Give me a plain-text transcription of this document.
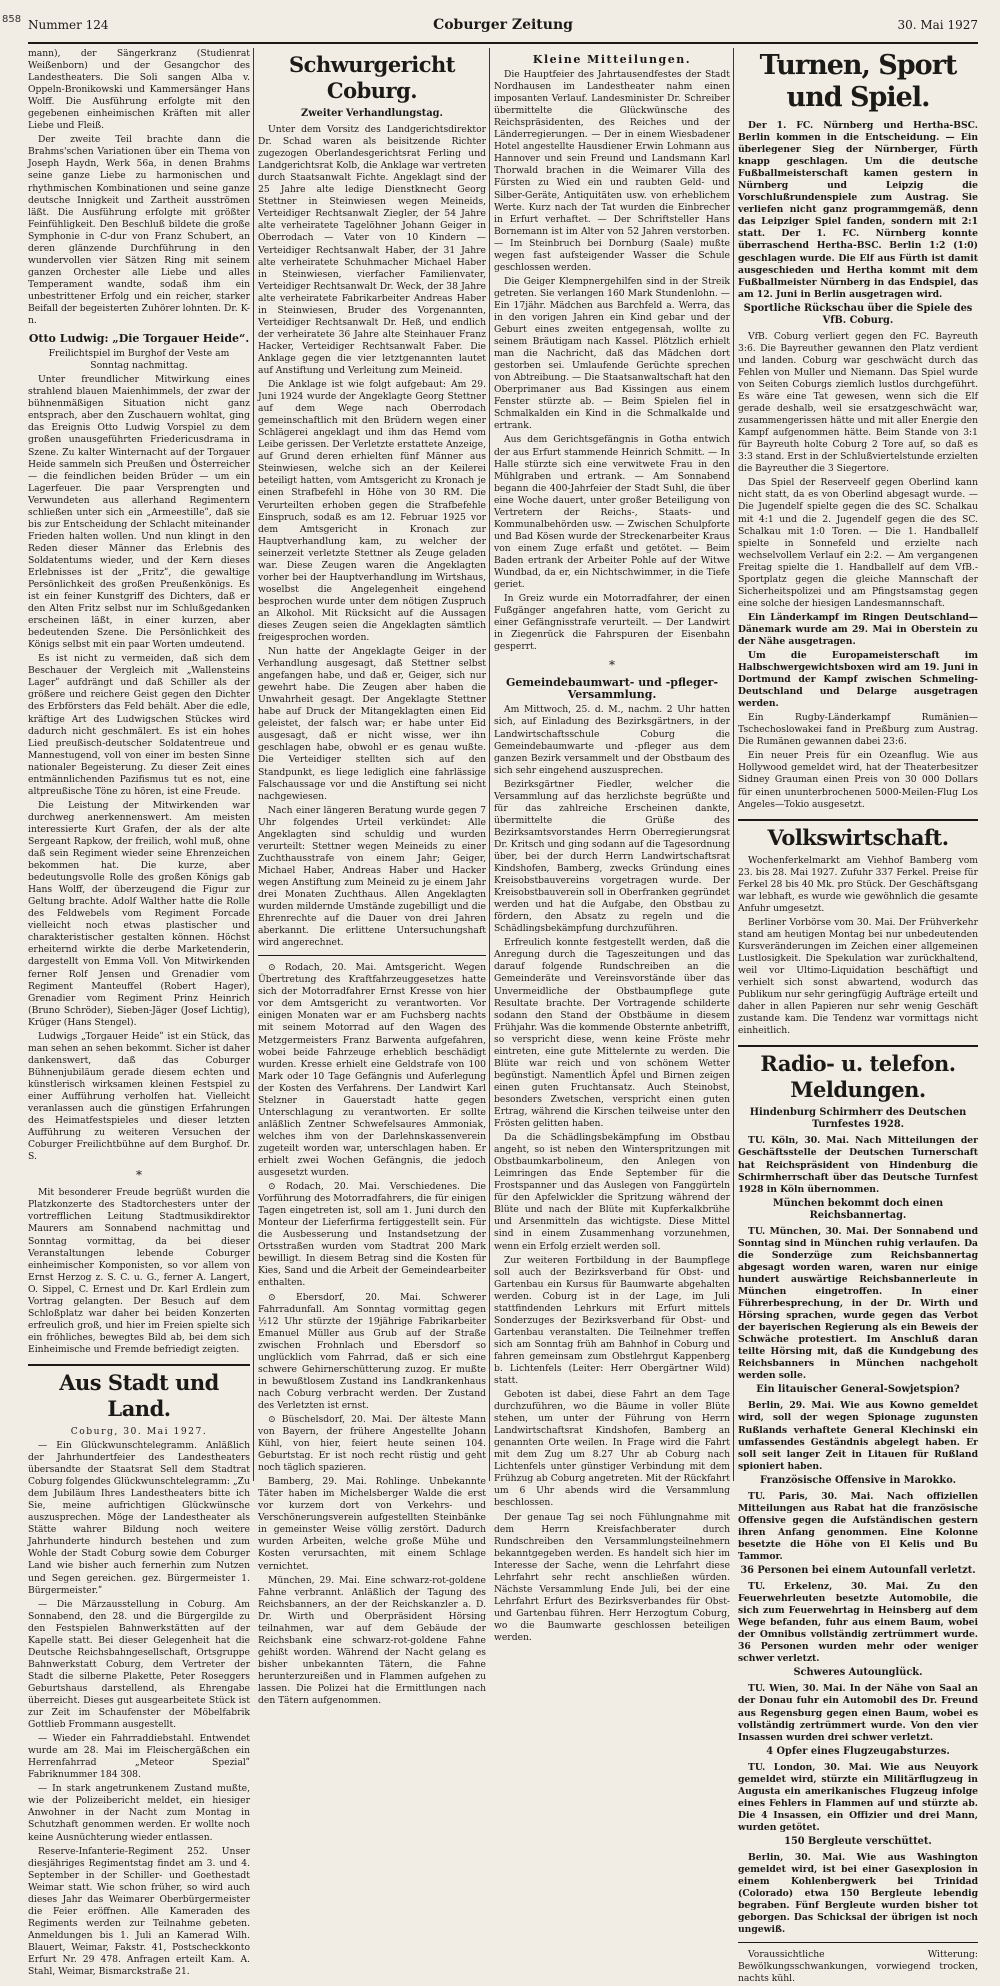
858 Nummer 124	Coburger Zeitung	30. Mai 1927

mann), der Sängerkranz (Studienrat Weißenborn) und der Gesangchor des Landestheaters. Die Soli sangen Alba v. Oppeln-Bronikowski und Kammersänger Hans Wolff. Die Ausführung erfolgte mit den gegebenen einheimischen Kräften mit aller Liebe und Fleiß.

Der zweite Teil brachte dann die Brahms'schen Variationen über ein Thema von Joseph Haydn, Werk 56a, in denen Brahms seine ganze Liebe zu harmonischen und rhythmischen Kombinationen und seine ganze deutsche Innigkeit und Zartheit ausströmen läßt. Die Ausführung erfolgte mit größter Feinfühligkeit. Den Beschluß bildete die große Symphonie in C-dur von Franz Schubert, an deren glänzende Durchführung in den wundervollen vier Sätzen Ring mit seinem ganzen Orchester alle Liebe und alles Temperament wandte, sodaß ihm ein unbestrittener Erfolg und ein reicher, starker Beifall der begeisterten Zuhörer lohnten. Dr. K-n.

Otto Ludwig: „Die Torgauer Heide“.

Freilichtspiel im Burghof der Veste am Sonntag nachmittag.

Unter freundlicher Mitwirkung eines strahlend blauen Maienhimmels, der zwar der bühnenmäßigen Situation nicht ganz entsprach, aber den Zuschauern wohltat, ging das Ereignis Otto Ludwig Vorspiel zu dem großen unausgeführten Friedericusdrama in Szene. Zu kalter Winternacht auf der Torgauer Heide sammeln sich Preußen und Österreicher — die feindlichen beiden Brüder — um ein Lagerfeuer. Die paar Versprengten und Verwundeten aus allerhand Regimentern schließen unter sich ein „Armeestilleʺ, daß sie bis zur Entscheidung der Schlacht miteinander Frieden halten wollen. Und nun klingt in den Reden dieser Männer das Erlebnis des Soldatentums wieder, und der Kern dieses Erlebnisses ist der „Fritzʺ, die gewaltige Persönlichkeit des großen Preußenkönigs. Es ist ein feiner Kunstgriff des Dichters, daß er den Alten Fritz selbst nur im Schlußgedanken erscheinen läßt, in einer kurzen, aber bedeutenden Szene. Die Persönlichkeit des Königs selbst mit ein paar Worten umdeutend.

Es ist nicht zu vermeiden, daß sich dem Beschauer der Vergleich mit „Wallensteins Lagerʺ aufdrängt und daß Schiller als der größere und reichere Geist gegen den Dichter des Erbförsters das Feld behält. Aber die edle, kräftige Art des Ludwigschen Stückes wird dadurch nicht geschmälert. Es ist ein hohes Lied preußisch-deutscher Soldatentreue und Mannestugend, voll von einer im besten Sinne nationaler Begeisterung. Zu dieser Zeit eines entmännlichenden Pazifismus tut es not, eine altpreußische Töne zu hören, ist eine Freude.

Die Leistung der Mitwirkenden war durchweg anerkennenswert. Am meisten interessierte Kurt Grafen, der als der alte Sergeant Rapkow, der freilich, wohl muß, ohne daß sein Regiment wieder seine Ehrenzeichen bekommen hat. Die kurze, aber bedeutungsvolle Rolle des großen Königs gab Hans Wolff, der überzeugend die Figur zur Geltung brachte. Adolf Walther hatte die Rolle des Feldwebels vom Regiment Forcade vielleicht noch etwas plastischer und charakteristischer gestalten können. Höchst erheiternd wirkte die derbe Marketenderin, dargestellt von Emma Voll. Von Mitwirkenden ferner Rolf Jensen und Grenadier vom Regiment Manteuffel (Robert Hager), Grenadier vom Regiment Prinz Heinrich (Bruno Schröder), Sieben-Jäger (Josef Lichtig), Krüger (Hans Stengel).

Ludwigs „Torgauer Heideʺ ist ein Stück, das man sehen an sehen bekommt. Sicher ist daher dankenswert, daß das Coburger Bühnenjubiläum gerade diesem echten und künstlerisch wirksamen kleinen Festspiel zu einer Aufführung verholfen hat. Vielleicht veranlassen auch die günstigen Erfahrungen des Heimatfestspieles und dieser letzten Aufführung zu weiteren Versuchen der Coburger Freilichtbühne auf dem Burghof. Dr. S.

*

Mit besonderer Freude begrüßt wurden die Platzkonzerte des Stadtorchesters unter der vortrefflichen Leitung Stadtmusikdirektor Maurers am Sonnabend nachmittag und Sonntag vormittag, da bei dieser Veranstaltungen lebende Coburger einheimischer Komponisten, so vor allem von Ernst Herzog z. S. C. u. G., ferner A. Langert, O. Sippel, C. Ernest und Dr. Karl Erdlein zum Vortrag gelangten. Der Besuch auf dem Schloßplatz war daher bei beiden Konzerten erfreulich groß, und hier im Freien spielte sich ein fröhliches, bewegtes Bild ab, bei dem sich Einheimische und Fremde befriedigt zeigten.

Aus Stadt und Land.

Coburg, 30. Mai 1927.

— Ein Glückwunschtelegramm. Anläßlich der Jahrhundertfeier des Landestheaters übersandte der Staatsrat Sell dem Stadtrat Coburg folgendes Glückwunschtelegramm: „Zu dem Jubiläum Ihres Landestheaters bitte ich Sie, meine aufrichtigen Glückwünsche auszusprechen. Möge der Landestheater als Stätte wahrer Bildung noch weitere Jahrhunderte hindurch bestehen und zum Wohle der Stadt Coburg sowie dem Coburger Land wie bisher auch fernerhin zum Nutzen und Segen gereichen. gez. Bürgermeister 1. Bürgermeister.ʺ

— Die Märzausstellung in Coburg. Am Sonnabend, den 28. und die Bürgergilde zu den Festspielen Bahnwerkstätten auf der Kapelle statt. Bei dieser Gelegenheit hat die Deutsche Reichsbahngesellschaft, Ortsgruppe Bahnwerkstatt Coburg, dem Vertreter der Stadt die silberne Plakette, Peter Roseggers Geburtshaus darstellend, als Ehrengabe überreicht. Dieses gut ausgearbeitete Stück ist zur Zeit im Schaufenster der Möbelfabrik Gottlieb Frommann ausgestellt.

— Wieder ein Fahrraddiebstahl. Entwendet wurde am 28. Mai im Fleischergäßchen ein Herrenfahrrad „Meteor Spezialʺ Fabriknummer 184 308.

— In stark angetrunkenem Zustand mußte, wie der Polizeibericht meldet, ein hiesiger Anwohner in der Nacht zum Montag in Schutzhaft genommen werden. Er wollte noch keine Ausnüchterung wieder entlassen.

Reserve-Infanterie-Regiment 252. Unser diesjähriges Regimentstag findet am 3. und 4. September in der Schiller- und Goethestadt Weimar statt. Wie schon früher, so wird auch dieses Jahr das Weimarer Oberbürgermeister die Feier eröffnen. Alle Kameraden des Regiments werden zur Teilnahme gebeten. Anmeldungen bis 1. Juli an Kamerad Wilh. Blauert, Weimar, Fakstr. 41, Postscheckkonto Erfurt Nr. 29 478. Anfragen erteilt Kam. A. Stahl, Weimar, Bismarckstraße 21.

Schwurgericht Coburg.
Zweiter Verhandlungstag.

Unter dem Vorsitz des Landgerichtsdirektor Dr. Schad waren als beisitzende Richter zugezogen Oberlandesgerichtsrat Ferling und Landgerichtsrat Kolb, die Anklage war vertreten durch Staatsanwalt Fichte. Angeklagt sind der 25 Jahre alte ledige Dienstknecht Georg Stettner in Steinwiesen wegen Meineids, Verteidiger Rechtsanwalt Ziegler, der 54 Jahre alte verheiratete Tagelöhner Johann Geiger in Oberrodach — Vater von 10 Kindern — Verteidiger Rechtsanwalt Haber, der 31 Jahre alte verheiratete Schuhmacher Michael Haber in Steinwiesen, vierfacher Familienvater, Verteidiger Rechtsanwalt Dr. Weck, der 38 Jahre alte verheiratete Fabrikarbeiter Andreas Haber in Steinwiesen, Bruder des Vorgenannten, Verteidiger Rechtsanwalt Dr. Heß, und endlich der verheiratete 36 Jahre alte Steinhauer Franz Hacker, Verteidiger Rechtsanwalt Faber. Die Anklage gegen die vier letztgenannten lautet auf Anstiftung und Verleitung zum Meineid.

Die Anklage ist wie folgt aufgebaut: Am 29. Juni 1924 wurde der Angeklagte Georg Stettner auf dem Wege nach Oberrodach gemeinschaftlich mit den Brüdern wegen einer Schlägerei angeklagt und ihm das Hemd vom Leibe gerissen. Der Verletzte erstattete Anzeige, auf Grund deren erhielten fünf Männer aus Steinwiesen, welche sich an der Keilerei beteiligt hatten, vom Amtsgericht zu Kronach je einen Strafbefehl in Höhe von 30 RM. Die Verurteilten erhoben gegen die Strafbefehle Einspruch, sodaß es am 12. Februar 1925 vor dem Amtsgericht in Kronach zur Hauptverhandlung kam, zu welcher der seinerzeit verletzte Stettner als Zeuge geladen war. Diese Zeugen waren die Angeklagten vorher bei der Hauptverhandlung im Wirtshaus, woselbst die Angelegenheit eingehend besprochen wurde unter dem nötigen Zuspruch an Alkohol. Mit Rücksicht auf die Aussagen dieses Zeugen seien die Angeklagten sämtlich freigesprochen worden.

Nun hatte der Angeklagte Geiger in der Verhandlung ausgesagt, daß Stettner selbst angefangen habe, und daß er, Geiger, sich nur gewehrt habe. Die Zeugen aber haben die Unwahrheit gesagt. Der Angeklagte Stettner habe auf Druck der Mitangeklagten einen Eid geleistet, der falsch war; er habe unter Eid ausgesagt, daß er nicht wisse, wer ihn geschlagen habe, obwohl er es genau wußte. Die Verteidiger stellten sich auf den Standpunkt, es liege lediglich eine fahrlässige Falschaussage vor und die Anstiftung sei nicht nachgewiesen.

Nach einer längeren Beratung wurde gegen 7 Uhr folgendes Urteil verkündet: Alle Angeklagten sind schuldig und wurden verurteilt: Stettner wegen Meineids zu einer Zuchthausstrafe von einem Jahr; Geiger, Michael Haber, Andreas Haber und Hacker wegen Anstiftung zum Meineid zu je einem Jahr drei Monaten Zuchthaus. Allen Angeklagten wurden mildernde Umstände zugebilligt und die Ehrenrechte auf die Dauer von drei Jahren aberkannt. Die erlittene Untersuchungshaft wird angerechnet.

⊙ Rodach, 20. Mai. Amtsgericht. Wegen Übertretung des Kraftfahrzeuggesetzes hatte sich der Motorradfahrer Ernst Kresse von hier vor dem Amtsgericht zu verantworten. Vor einigen Monaten war er am Fuchsberg nachts mit seinem Motorrad auf den Wagen des Metzgermeisters Franz Barwenta aufgefahren, wobei beide Fahrzeuge erheblich beschädigt wurden. Kresse erhielt eine Geldstrafe von 100 Mark oder 10 Tage Gefängnis und Auferlegung der Kosten des Verfahrens. Der Landwirt Karl Stelzner in Gauerstadt hatte gegen Unterschlagung zu verantworten. Er sollte anläßlich Zentner Schwefelsaures Ammoniak, welches ihm von der Darlehnskassenverein zugeteilt worden war, unterschlagen haben. Er erhielt zwei Wochen Gefängnis, die jedoch ausgesetzt wurden.

⊙ Rodach, 20. Mai. Verschiedenes. Die Vorführung des Motorradfahrers, die für einigen Tagen eingetreten ist, soll am 1. Juni durch den Monteur der Lieferfirma fertiggestellt sein. Für die Ausbesserung und Instandsetzung der Ortsstraßen wurden vom Stadtrat 200 Mark bewilligt. In diesem Betrag sind die Kosten für Kies, Sand und die Arbeit der Gemeindearbeiter enthalten.

⊙ Ebersdorf, 20. Mai. Schwerer Fahrradunfall. Am Sonntag vormittag gegen ½12 Uhr stürzte der 19jährige Fabrikarbeiter Emanuel Müller aus Grub auf der Straße zwischen Frohnlach und Ebersdorf so unglücklich vom Fahrrad, daß er sich eine schwere Gehirnerschütterung zuzog. Er mußte in bewußtlosem Zustand ins Landkrankenhaus nach Coburg verbracht werden. Der Zustand des Verletzten ist ernst.

⊙ Büschelsdorf, 20. Mai. Der älteste Mann von Bayern, der frühere Angestellte Johann Kühl, von hier, feiert heute seinen 104. Geburtstag. Er ist noch recht rüstig und geht noch täglich spazieren.

Bamberg, 29. Mai. Rohlinge. Unbekannte Täter haben im Michelsberger Walde die erst vor kurzem dort von Verkehrs- und Verschönerungsverein aufgestellten Steinbänke in gemeinster Weise völlig zerstört. Dadurch wurden Arbeiten, welche große Mühe und Kosten verursachten, mit einem Schlage vernichtet.

München, 29. Mai. Eine schwarz-rot-goldene Fahne verbrannt. Anläßlich der Tagung des Reichsbanners, an der der Reichskanzler a. D. Dr. Wirth und Oberpräsident Hörsing teilnahmen, war auf dem Gebäude der Reichsbank eine schwarz-rot-goldene Fahne gehißt worden. Während der Nacht gelang es bisher unbekannten Tätern, die Fahne herunterzureißen und in Flammen aufgehen zu lassen. Die Polizei hat die Ermittlungen nach den Tätern aufgenommen.

Kleine Mitteilungen.

Die Hauptfeier des Jahrtausendfestes der Stadt Nordhausen im Landestheater nahm einen imposanten Verlauf. Landesminister Dr. Schreiber übermittelte die Glückwünsche des Reichspräsidenten, des Reiches und der Länderregierungen. — Der in einem Wiesbadener Hotel angestellte Hausdiener Erwin Lohmann aus Hannover und sein Freund und Landsmann Karl Thorwald brachen in die Weimarer Villa des Fürsten zu Wied ein und raubten Geld- und Silber-Geräte, Antiquitäten usw. von erheblichem Werte. Kurz nach der Tat wurden die Einbrecher in Erfurt verhaftet. — Der Schriftsteller Hans Bornemann ist im Alter von 52 Jahren verstorben. — Im Steinbruch bei Dornburg (Saale) mußte wegen fast aufsteigender Wasser die Schule geschlossen werden.

Die Geiger Klempnergehilfen sind in der Streik getreten. Sie verlangen 160 Mark Stundenlohn. — Ein 17jähr. Mädchen aus Barchfeld a. Werra, das in den vorigen Jahren ein Kind gebar und der Geburt eines zweiten entgegensah, wollte zu seinem Bräutigam nach Kassel. Plötzlich erhielt man die Nachricht, daß das Mädchen dort gestorben sei. Umlaufende Gerüchte sprechen von Abtreibung. — Die Staatsanwaltschaft hat den Oberprimaner aus Bad Kissingen aus einem Fenster stürzte ab. — Beim Spielen fiel in Schmalkalden ein Kind in die Schmalkalde und ertrank.

Aus dem Gerichtsgefängnis in Gotha entwich der aus Erfurt stammende Heinrich Schmitt. — In Halle stürzte sich eine verwitwete Frau in den Mühlgraben und ertrank. — Am Sonnabend begann die 400-Jahrfeier der Stadt Suhl, die über eine Woche dauert, unter großer Beteiligung von Vertretern der Reichs-, Staats- und Kommunalbehörden usw. — Zwischen Schulpforte und Bad Kösen wurde der Streckenarbeiter Kraus von einem Zuge erfaßt und getötet. — Beim Baden ertrank der Arbeiter Pohle auf der Witwe Wundbad, da er, ein Nichtschwimmer, in die Tiefe geriet.

In Greiz wurde ein Motorradfahrer, der einen Fußgänger angefahren hatte, vom Gericht zu einer Gefängnisstrafe verurteilt. — Der Landwirt in Ziegenrück die Fahrspuren der Eisenbahn gesperrt.

*
Gemeindebaumwart- und -pfleger-Versammlung.

Am Mittwoch, 25. d. M., nachm. 2 Uhr hatten sich, auf Einladung des Bezirksgärtners, in der Landwirtschaftsschule Coburg die Gemeindebaumwarte und -pfleger aus dem ganzen Bezirk versammelt und der Obstbaum des sich sehr eingehend auszusprechen.

Bezirksgärtner Fiedler, welcher die Versammlung auf das herzlichste begrüßte und für das zahlreiche Erscheinen dankte, übermittelte die Grüße des Bezirksamtsvorstandes Herrn Oberregierungsrat Dr. Kritsch und ging sodann auf die Tagesordnung über, bei der durch Herrn Landwirtschaftsrat Kindshofen, Bamberg, zwecks Gründung eines Kreisobstbauvereins vorgetragen wurde. Der Kreisobstbauverein soll in Oberfranken gegründet werden und hat die Aufgabe, den Obstbau zu fördern, den Absatz zu regeln und die Schädlingsbekämpfung durchzuführen.

Erfreulich konnte festgestellt werden, daß die Anregung durch die Tageszeitungen und das darauf folgende Rundschreiben an die Gemeinderäte und Vereinsvorstände über das Unvermeidliche der Obstbaumpflege gute Resultate brachte. Der Vortragende schilderte sodann den Stand der Obstbäume in diesem Frühjahr. Was die kommende Obsternte anbetrifft, so verspricht diese, wenn keine Fröste mehr eintreten, eine gute Mittelernte zu werden. Die Blüte war reich und von schönem Wetter begünstigt. Namentlich Äpfel und Birnen zeigen einen guten Fruchtansatz. Auch Steinobst, besonders Zwetschen, verspricht einen guten Ertrag, während die Kirschen teilweise unter den Frösten gelitten haben.

Da die Schädlingsbekämpfung im Obstbau angeht, so ist neben den Winterspritzungen mit Obstbaumkarbolineum, den Anlegen von Leimringen das Ende September für die Frostspanner und das Auslegen von Fanggürteln für den Apfelwickler die Spritzung während der Blüte und nach der Blüte mit Kupferkalkbrühe und Arsenmitteln das wichtigste. Diese Mittel sind in einem Zusammenhang vorzunehmen, wenn ein Erfolg erzielt werden soll.

Zur weiteren Fortbildung in der Baumpflege soll auch der Bezirksverband für Obst- und Gartenbau ein Kursus für Baumwarte abgehalten werden. Coburg ist in der Lage, im Juli stattfindenden Lehrkurs mit Erfurt mittels Sonderzuges der Bezirksverband für Obst- und Gartenbau veranstalten. Die Teilnehmer treffen sich am Sonntag früh am Bahnhof in Coburg und fahren gemeinsam zum Obstlehrgut Kappenberg b. Lichtenfels (Leiter: Herr Obergärtner Wild) statt.

Geboten ist dabei, diese Fahrt an dem Tage durchzuführen, wo die Bäume in voller Blüte stehen, um unter der Führung von Herrn Landwirtschaftsrat Kindshofen, Bamberg an genannten Orte weilen. In Frage wird die Fahrt mit dem Zug um 8.27 Uhr ab Coburg nach Lichtenfels unter günstiger Verbindung mit dem Frühzug ab Coburg angetreten. Mit der Rückfahrt um 6 Uhr abends wird die Versammlung beschlossen.

Der genaue Tag sei noch Fühlungnahme mit dem Herrn Kreisfachberater durch Rundschreiben den Versammlungsteilnehmern bekanntgegeben werden. Es handelt sich hier im Interesse der Sache, wenn die Lehrfahrt diese Lehrfahrt sehr recht anschließen würden. Nächste Versammlung Ende Juli, bei der eine Lehrfahrt Erfurt des Bezirksverbandes für Obst- und Gartenbau führen. Herr Herzogtum Coburg, wo die Baumwarte geschlossen beteiligen werden.

Turnen, Sport und Spiel.

Der 1. FC. Nürnberg und Hertha-BSC. Berlin kommen in die Entscheidung. — Ein überlegener Sieg der Nürnberger, Fürth knapp geschlagen. Um die deutsche Fußballmeisterschaft kamen gestern in Nürnberg und Leipzig die Vorschlußrundenspiele zum Austrag. Sie verliefen nicht ganz programmgemäß, denn das Leipziger Spiel fanden, sondern mit 2:1 statt. Der 1. FC. Nürnberg konnte überraschend Hertha-BSC. Berlin 1:2 (1:0) geschlagen wurde. Die Elf aus Fürth ist damit ausgeschieden und Hertha kommt mit dem Fußballmeister Nürnberg in das Endspiel, das am 12. Juni in Berlin ausgetragen wird.

Sportliche Rückschau über die Spiele des VfB. Coburg.

VfB. Coburg verliert gegen den FC. Bayreuth 3:6. Die Bayreuther gewannen den Platz verdient und landen. Coburg war geschwächt durch das Fehlen von Muller und Niemann. Das Spiel wurde von Seiten Coburgs ziemlich lustlos durchgeführt. Es wäre eine Tat gewesen, wenn sich die Elf gerade deshalb, weil sie ersatzgeschwächt war, zusammengerissen hätte und mit aller Energie den Kampf aufgenommen hätte. Beim Stande von 3:1 für Bayreuth holte Coburg 2 Tore auf, so daß es 3:3 stand. Erst in der Schlußviertelstunde erzielten die Bayreuther die 3 Siegertore.

Das Spiel der Reserveelf gegen Oberlind kann nicht statt, da es von Oberlind abgesagt wurde. — Die Jugendelf spielte gegen die des SC. Schalkau mit 4:1 und die 2. Jugendelf gegen die des SC. Schalkau mit 1:0 Toren. — Die 1. Handballelf spielte in Sonnefeld und erzielte nach wechselvollem Verlauf ein 2:2. — Am vergangenen Freitag spielte die 1. Handballelf auf dem VfB.-Sportplatz gegen die gleiche Mannschaft der Sicherheitspolizei und am Pfingstsamstag gegen eine solche der hiesigen Landesmannschaft.

Ein Länderkampf im Ringen Deutschland—Dänemark wurde am 29. Mai in Oberstein zu der Nähe ausgetragen.

Um die Europameisterschaft im Halbschwergewichtsboxen wird am 19. Juni in Dortmund der Kampf zwischen Schmeling-Deutschland und Delarge ausgetragen werden.

Ein Rugby-Länderkampf Rumänien—Tschechoslowakei fand in Preßburg zum Austrag. Die Rumänen gewannen dabei 23:6.

Ein neuer Preis für ein Ozeanflug. Wie aus Hollywood gemeldet wird, hat der Theaterbesitzer Sidney Grauman einen Preis von 30 000 Dollars für einen ununterbrochenen 5000-Meilen-Flug Los Angeles—Tokio ausgesetzt.

Volkswirtschaft.

Wochenferkelmarkt am Viehhof Bamberg vom 23. bis 28. Mai 1927. Zufuhr 337 Ferkel. Preise für Ferkel 28 bis 40 Mk. pro Stück. Der Geschäftsgang war lebhaft, es wurde wie gewöhnlich die gesamte Anfuhr umgesetzt.

Berliner Vorbörse vom 30. Mai. Der Frühverkehr stand am heutigen Montag bei nur unbedeutenden Kursveränderungen im Zeichen einer allgemeinen Lustlosigkeit. Die Spekulation war zurückhaltend, weil vor Ultimo-Liquidation beschäftigt und verhielt sich sonst abwartend, wodurch das Publikum nur sehr geringfügig Aufträge erteilt und daher in allen Papieren nur sehr wenig Geschäft zustande kam. Die Tendenz war vormittags nicht einheitlich.

Radio- u. telefon. Meldungen.
Hindenburg Schirmherr des Deutschen Turnfestes 1928.

TU. Köln, 30. Mai. Nach Mitteilungen der Geschäftsstelle der Deutschen Turnerschaft hat Reichspräsident von Hindenburg die Schirmherrschaft über das Deutsche Turnfest 1928 in Köln übernommen.

München bekommt doch einen Reichsbannertag.

TU. München, 30. Mai. Der Sonnabend und Sonntag sind in München ruhig verlaufen. Da die Sonderzüge zum Reichsbannertag abgesagt worden waren, waren nur einige hundert auswärtige Reichsbannerleute in München eingetroffen. In einer Führerbesprechung, in der Dr. Wirth und Hörsing sprachen, wurde gegen das Verbot der bayerischen Regierung als ein Beweis der Schwäche protestiert. Im Anschluß daran teilte Hörsing mit, daß die Kundgebung des Reichsbanners in München nachgeholt werden solle.

Ein litauischer General-Sowjetspion?

Berlin, 29. Mai. Wie aus Kowno gemeldet wird, soll der wegen Spionage zugunsten Rußlands verhaftete General Klechinski ein umfassendes Geständnis abgelegt haben. Er soll seit langer Zeit in Litauen für Rußland spioniert haben.

Französische Offensive in Marokko.

TU. Paris, 30. Mai. Nach offiziellen Mitteilungen aus Rabat hat die französische Offensive gegen die Aufständischen gestern ihren Anfang genommen. Eine Kolonne besetzte die Höhe von El Kelis und Bu Tammor.

36 Personen bei einem Autounfall verletzt.

TU. Erkelenz, 30. Mai. Zu den Feuerwehrleuten besetzte Automobile, die sich zum Feuerwehrtag in Heinsberg auf dem Wege befanden, fuhr aus einem Baum, wobei der Omnibus vollständig zertrümmert wurde. 36 Personen wurden mehr oder weniger schwer verletzt.

Schweres Autounglück.

TU. Wien, 30. Mai. In der Nähe von Saal an der Donau fuhr ein Automobil des Dr. Freund aus Regensburg gegen einen Baum, wobei es vollständig zertrümmert wurde. Von den vier Insassen wurden drei schwer verletzt.

4 Opfer eines Flugzeugabsturzes.

TU. London, 30. Mai. Wie aus Neuyork gemeldet wird, stürzte ein Militärflugzeug in Augusta ein amerikanisches Flugzeug infolge eines Fehlers in Flammen auf und stürzte ab. Die 4 Insassen, ein Offizier und drei Mann, wurden getötet.

150 Bergleute verschüttet.

Berlin, 30. Mai. Wie aus Washington gemeldet wird, ist bei einer Gasexplosion in einem Kohlenbergwerk bei Trinidad (Colorado) etwa 150 Bergleute lebendig begraben. Fünf Bergleute wurden bisher tot geborgen. Das Schicksal der übrigen ist noch ungewiß.

Voraussichtliche Witterung: Bewölkungsschwankungen, vorwiegend trocken, nachts kühl.
